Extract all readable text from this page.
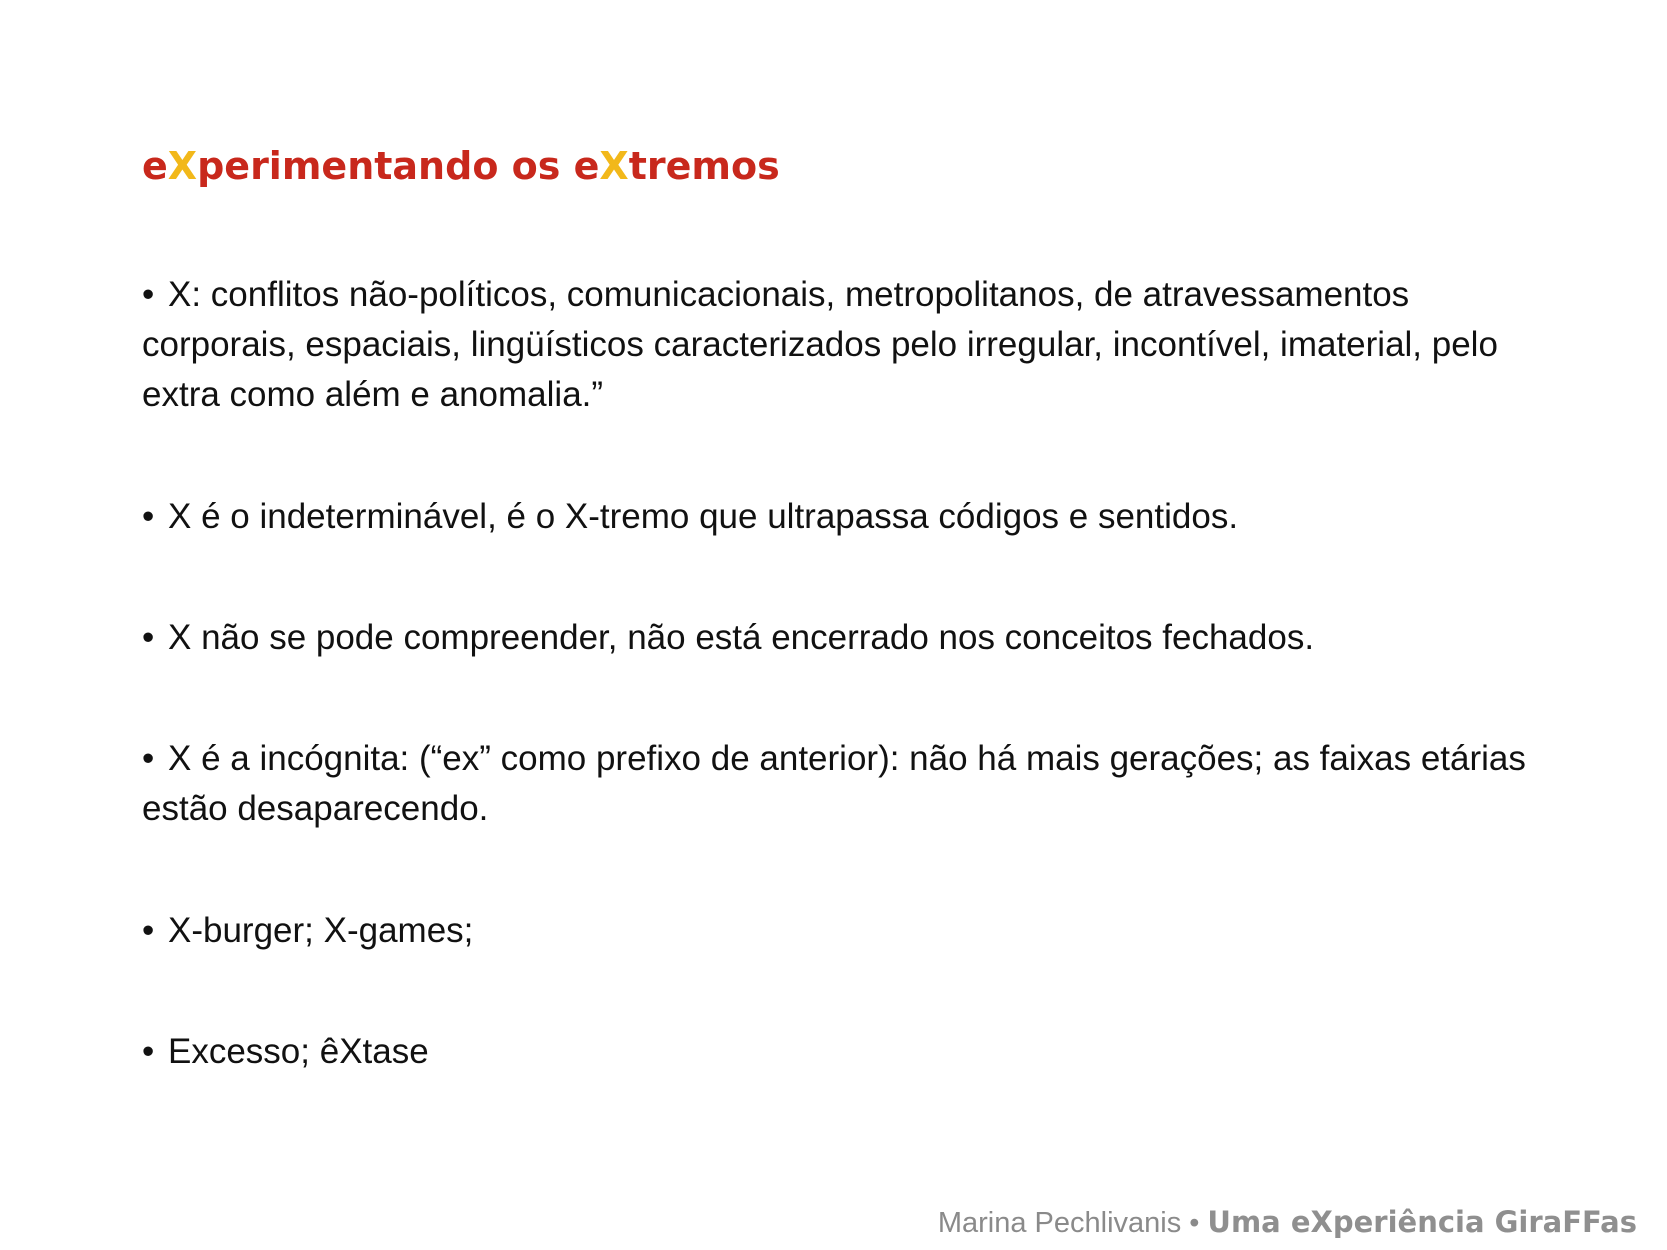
eXperimentando os eXtremos

• X: conflitos não-políticos, comunicacionais, metropolitanos, de atravessamentos corporais, espaciais, lingüísticos caracterizados pelo irregular, incontível, imaterial, pelo extra como além e anomalia.”

• X é o indeterminável, é o X-tremo que ultrapassa códigos e sentidos.

• X não se pode compreender, não está encerrado nos conceitos fechados.

• X é a incógnita: (“ex” como prefixo de anterior): não há mais gerações; as faixas etárias estão desaparecendo.

• X-burger; X-games;

• Excesso; êXtase

Marina Pechlivanis • Uma eXperiência GiraFFas
